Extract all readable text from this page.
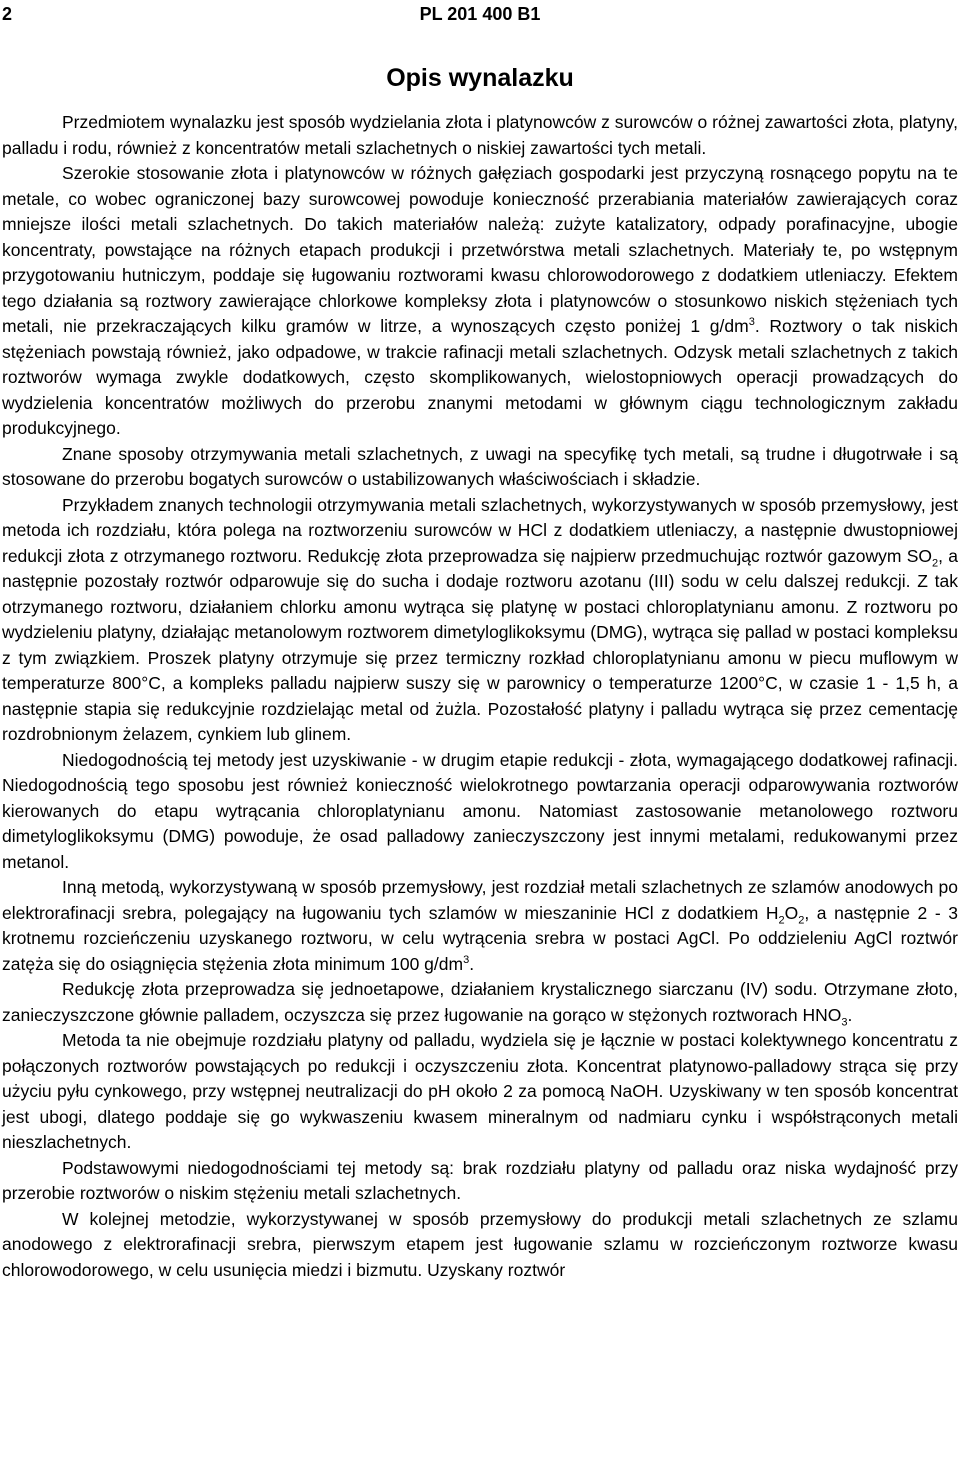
2	PL 201 400 B1
Opis wynalazku

Przedmiotem wynalazku jest sposób wydzielania złota i platynowców z surowców o różnej zawartości złota, platyny, palladu i rodu, również z koncentratów metali szlachetnych o niskiej zawartości tych metali.

Szerokie stosowanie złota i platynowców w różnych gałęziach gospodarki jest przyczyną rosnącego popytu na te metale, co wobec ograniczonej bazy surowcowej powoduje konieczność przerabiania materiałów zawierających coraz mniejsze ilości metali szlachetnych. Do takich materiałów należą: zużyte katalizatory, odpady porafinacyjne, ubogie koncentraty, powstające na różnych etapach produkcji i przetwórstwa metali szlachetnych. Materiały te, po wstępnym przygotowaniu hutniczym, poddaje się ługowaniu roztworami kwasu chlorowodorowego z dodatkiem utleniaczy. Efektem tego działania są roztwory zawierające chlorkowe kompleksy złota i platynowców o stosunkowo niskich stężeniach tych metali, nie przekraczających kilku gramów w litrze, a wynoszących często poniżej 1 $g/dm^3$. Roztwory o tak niskich stężeniach powstają również, jako odpadowe, w trakcie rafinacji metali szlachetnych. Odzysk metali szlachetnych z takich roztworów wymaga zwykle dodatkowych, często skomplikowanych, wielostopniowych operacji prowadzących do wydzielenia koncentratów możliwych do przerobu znanymi metodami w głównym ciągu technologicznym zakładu produkcyjnego.

Znane sposoby otrzymywania metali szlachetnych, z uwagi na specyfikę tych metali, są trudne i długotrwałe i są stosowane do przerobu bogatych surowców o ustabilizowanych właściwościach i składzie.

Przykładem znanych technologii otrzymywania metali szlachetnych, wykorzystywanych w sposób przemysłowy, jest metoda ich rozdziału, która polega na roztworzeniu surowców w HCl z dodatkiem utleniaczy, a następnie dwustopniowej redukcji złota z otrzymanego roztworu. Redukcję złota przeprowadza się najpierw przedmuchując roztwór gazowym $SO_2$, a następnie pozostały roztwór odparowuje się do sucha i dodaje roztworu azotanu (III) sodu w celu dalszej redukcji. Z tak otrzymanego roztworu, działaniem chlorku amonu wytrąca się platynę w postaci chloroplatynianu amonu. Z roztworu po wydzieleniu platyny, działając metanolowym roztworem dimetyloglikoksymu (DMG), wytrąca się pallad w postaci kompleksu z tym związkiem. Proszek platyny otrzymuje się przez termiczny rozkład chloroplatynianu amonu w piecu muflowym w temperaturze 800°C, a kompleks palladu najpierw suszy się w parownicy o temperaturze 1200°C, w czasie 1 - 1,5 h, a następnie stapia się redukcyjnie rozdzielając metal od żużla. Pozostałość platyny i palladu wytrąca się przez cementację rozdrobnionym żelazem, cynkiem lub glinem.

Niedogodnością tej metody jest uzyskiwanie - w drugim etapie redukcji - złota, wymagającego dodatkowej rafinacji. Niedogodnością tego sposobu jest również konieczność wielokrotnego powtarzania operacji odparowywania roztworów kierowanych do etapu wytrącania chloroplatynianu amonu. Natomiast zastosowanie metanolowego roztworu dimetyloglikoksymu (DMG) powoduje, że osad palladowy zanieczyszczony jest innymi metalami, redukowanymi przez metanol.

Inną metodą, wykorzystywaną w sposób przemysłowy, jest rozdział metali szlachetnych ze szlamów anodowych po elektrorafinacji srebra, polegający na ługowaniu tych szlamów w mieszaninie HCl z dodatkiem $H_2O_2$, a następnie 2 - 3 krotnemu rozcieńczeniu uzyskanego roztworu, w celu wytrącenia srebra w postaci AgCl. Po oddzieleniu AgCl roztwór zatęża się do osiągnięcia stężenia złota minimum 100 $g/dm^3$.

Redukcję złota przeprowadza się jednoetapowe, działaniem krystalicznego siarczanu (IV) sodu. Otrzymane złoto, zanieczyszczone głównie palladem, oczyszcza się przez ługowanie na gorąco w stężonych roztworach $HNO_3$.

Metoda ta nie obejmuje rozdziału platyny od palladu, wydziela się je łącznie w postaci kolektywnego koncentratu z połączonych roztworów powstających po redukcji i oczyszczeniu złota. Koncentrat platynowo-palladowy strąca się przy użyciu pyłu cynkowego, przy wstępnej neutralizacji do pH około 2 za pomocą NaOH. Uzyskiwany w ten sposób koncentrat jest ubogi, dlatego poddaje się go wykwaszeniu kwasem mineralnym od nadmiaru cynku i współstrąconych metali nieszlachetnych.

Podstawowymi niedogodnościami tej metody są: brak rozdziału platyny od palladu oraz niska wydajność przy przerobie roztworów o niskim stężeniu metali szlachetnych.

W kolejnej metodzie, wykorzystywanej w sposób przemysłowy do produkcji metali szlachetnych ze szlamu anodowego z elektrorafinacji srebra, pierwszym etapem jest ługowanie szlamu w rozcieńczonym roztworze kwasu chlorowodorowego, w celu usunięcia miedzi i bizmutu. Uzyskany roztwór
